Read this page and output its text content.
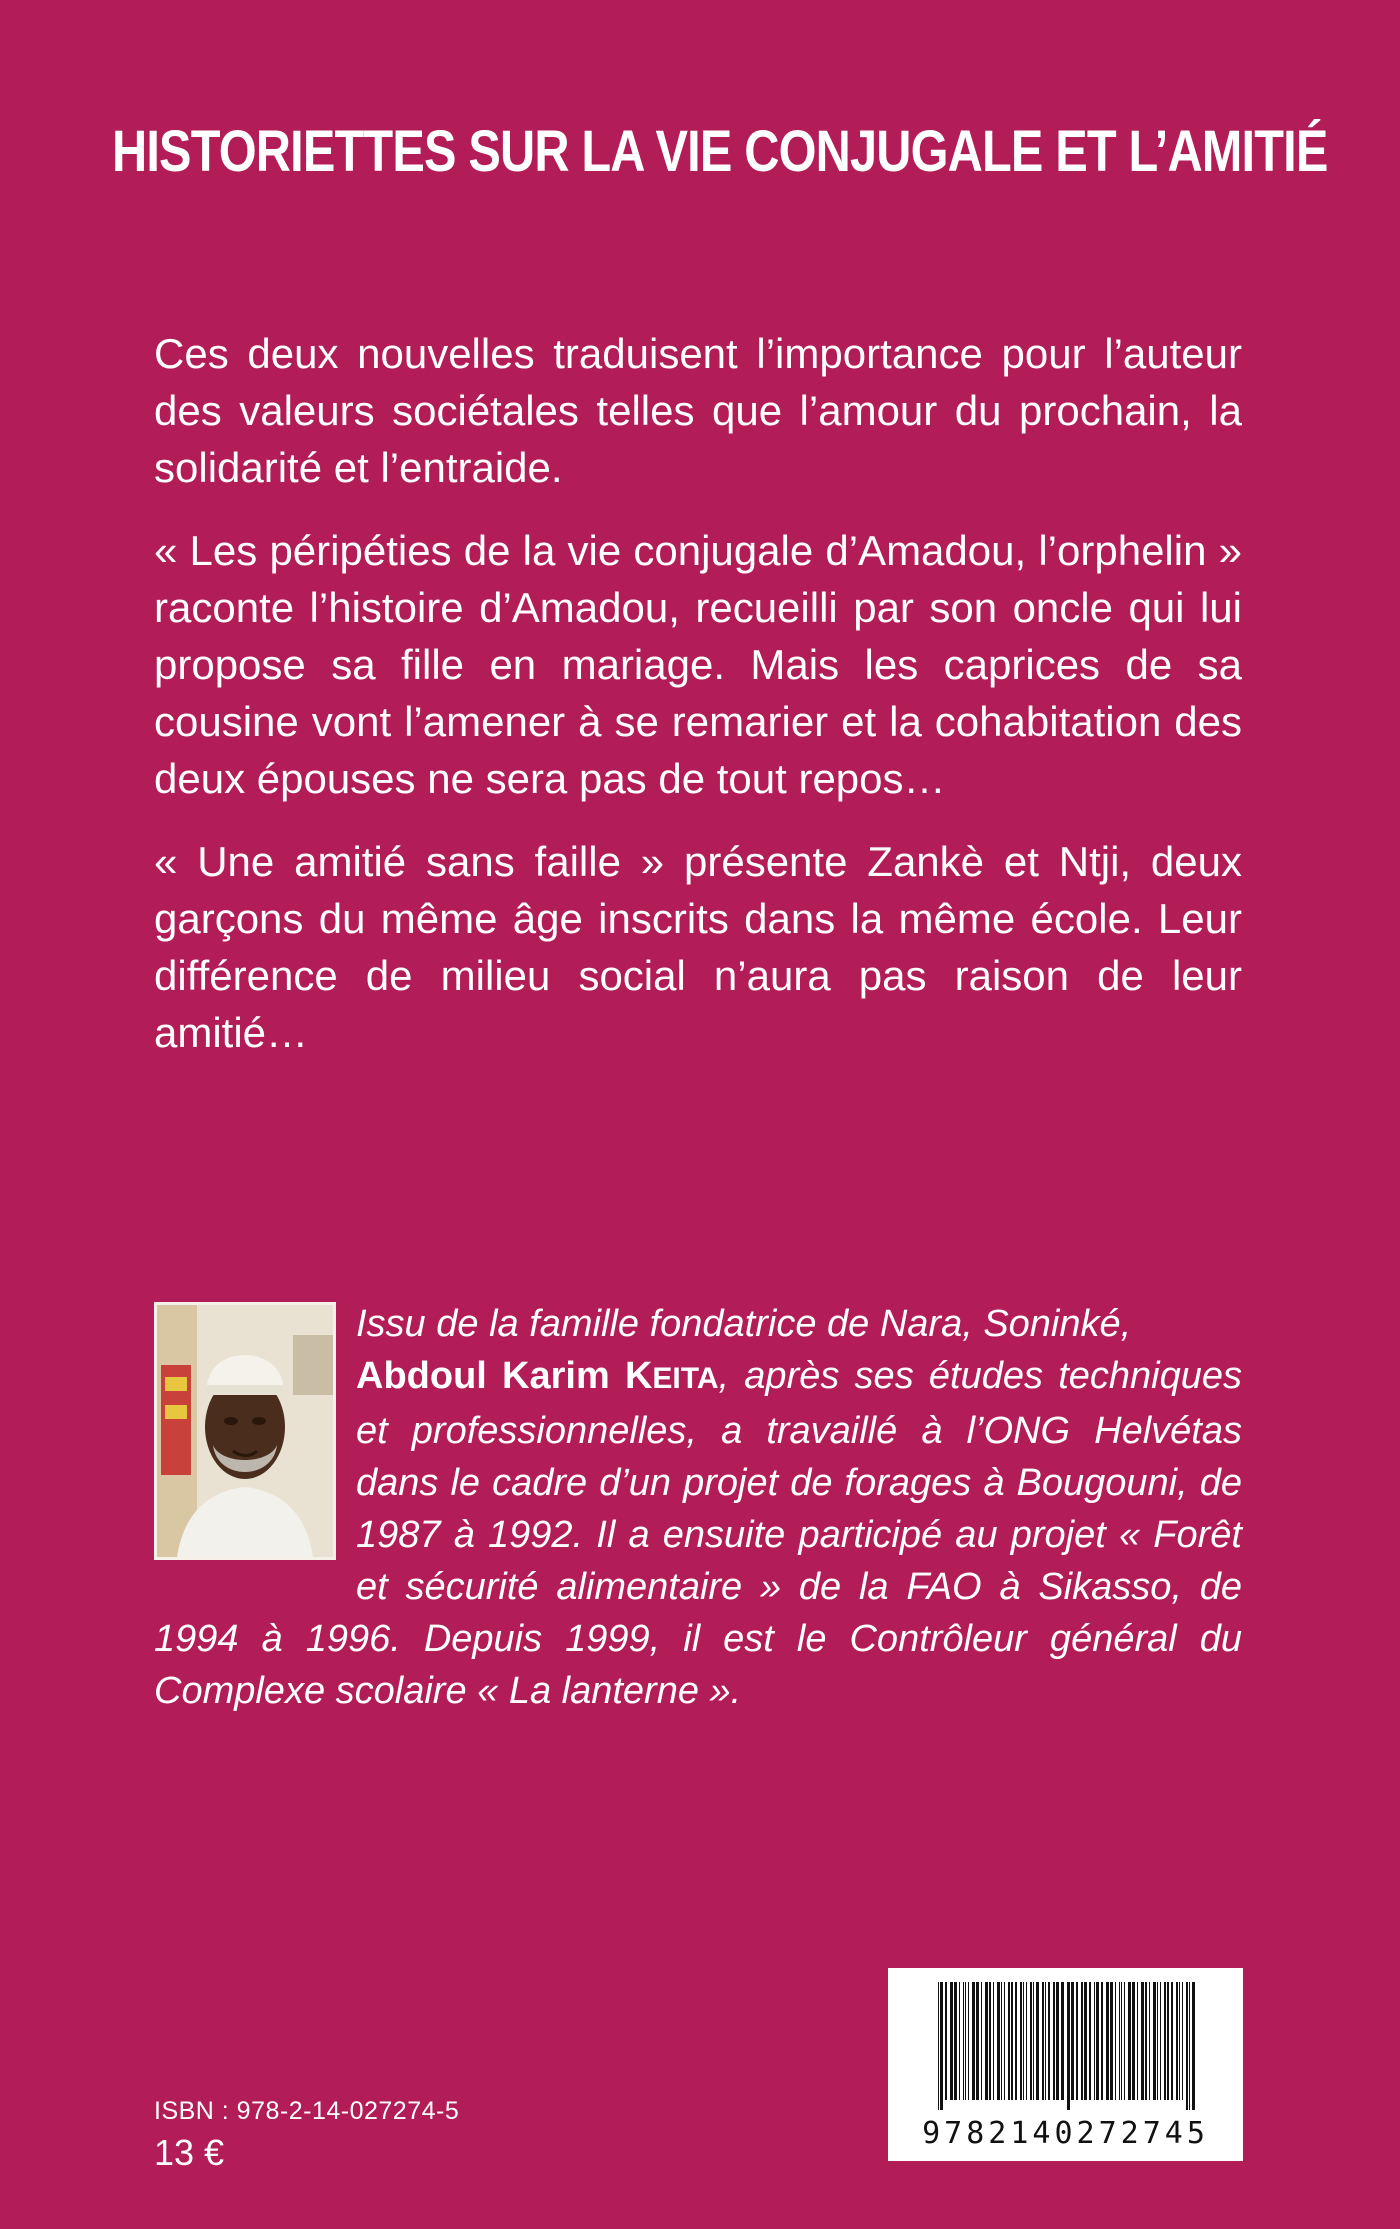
HISTORIETTES SUR LA VIE CONJUGALE ET L’AMITIÉ

Ces deux nouvelles traduisent l’importance pour l’auteur des valeurs sociétales telles que l’amour du prochain, la solidarité et l’entraide.

« Les péripéties de la vie conjugale d’Amadou, l’orphelin » raconte l’histoire d’Amadou, recueilli par son oncle qui lui propose sa fille en mariage. Mais les caprices de sa cousine vont l’amener à se remarier et la cohabitation des deux épouses ne sera pas de tout repos…

« Une amitié sans faille » présente Zankè et Ntji, deux garçons du même âge inscrits dans la même école. Leur différence de milieu social n’aura pas raison de leur amitié…

Issu de la famille fondatrice de Nara, Soninké,
Abdoul Karim KEITA, après ses études techniques et professionnelles, a travaillé à l’ONG Helvétas dans le cadre d’un projet de forages à Bougouni, de 1987 à 1992. Il a ensuite participé au projet « Forêt et sécurité alimentaire » de la FAO à Sikasso, de 1994 à 1996. Depuis 1999, il est le Contrôleur général du Complexe scolaire « La lanterne ».

9782140272745
ISBN : 978-2-14-027274-5
13 €
